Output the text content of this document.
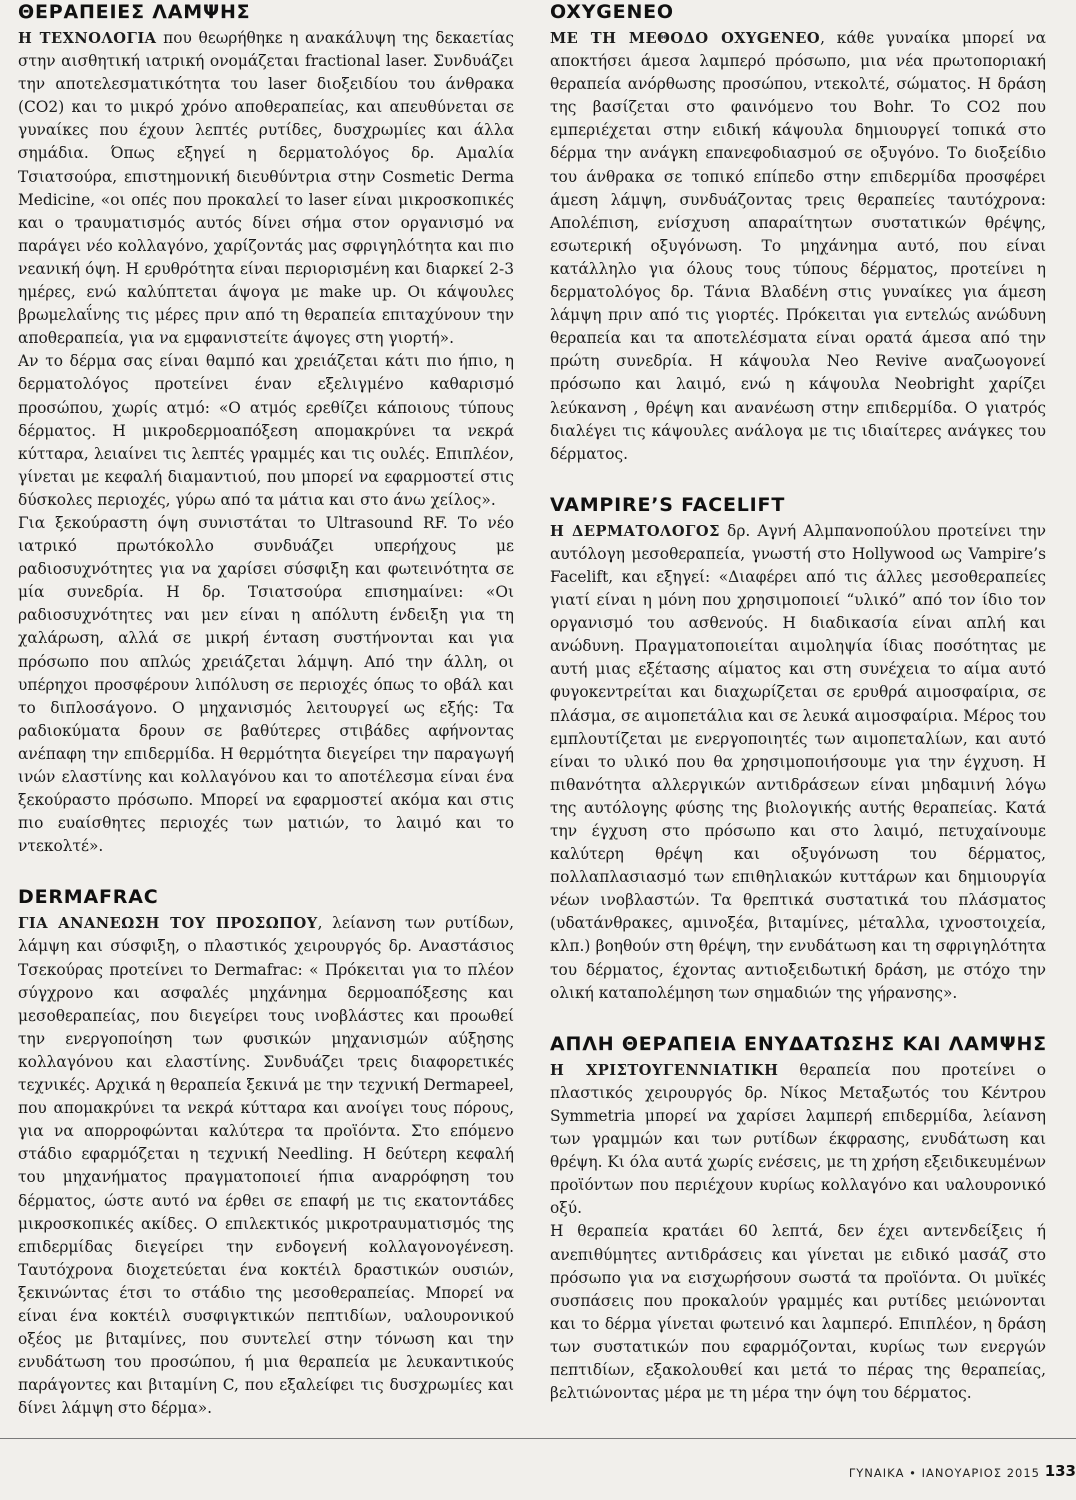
ΘΕΡΑΠΕΙΕΣ ΛΑΜΨΗΣ

Η ΤΕΧΝΟΛΟΓΙΑ που θεωρήθηκε η ανακάλυψη της δεκαετίας στην αισθητική ιατρική ονομάζεται fractional laser. Συνδυάζει την αποτελεσματικότητα του laser διοξειδίου του άνθρακα (CO2) και το μικρό χρόνο αποθεραπείας, και απευθύνεται σε γυναίκες που έχουν λεπτές ρυτίδες, δυσχρωμίες και άλλα σημάδια. Όπως εξηγεί η δερματολόγος δρ. Αμαλία Τσιατσούρα, επιστημονική διευθύντρια στην Cosmetic Derma Medicine, «οι οπές που προκαλεί το laser είναι μικροσκοπικές και ο τραυματισμός αυτός δίνει σήμα στον οργανισμό να παράγει νέο κολλαγόνο, χαρίζοντάς μας σφριγηλότητα και πιο νεανική όψη. Η ερυθρότητα είναι περιορισμένη και διαρκεί 2-3 ημέρες, ενώ καλύπτεται άψογα με make up. Οι κάψουλες βρωμελαΐνης τις μέρες πριν από τη θεραπεία επιταχύνουν την αποθεραπεία, για να εμφανιστείτε άψογες στη γιορτή».

Αν το δέρμα σας είναι θαμπό και χρειάζεται κάτι πιο ήπιο, η δερματολόγος προτείνει έναν εξελιγμένο καθαρισμό προσώπου, χωρίς ατμό: «Ο ατμός ερεθίζει κάποιους τύπους δέρματος. Η μικροδερμοαπόξεση απομακρύνει τα νεκρά κύτταρα, λειαίνει τις λεπτές γραμμές και τις ουλές. Επιπλέον, γίνεται με κεφαλή διαμαντιού, που μπορεί να εφαρμοστεί στις δύσκολες περιοχές, γύρω από τα μάτια και στο άνω χείλος».

Για ξεκούραστη όψη συνιστάται το Ultrasound RF. Το νέο ιατρικό πρωτόκολλο συνδυάζει υπερήχους με ραδιοσυχνότητες για να χαρίσει σύσφιξη και φωτεινότητα σε μία συνεδρία. Η δρ. Τσιατσούρα επισημαίνει: «Οι ραδιοσυχνότητες ναι μεν είναι η απόλυτη ένδειξη για τη χαλάρωση, αλλά σε μικρή ένταση συστήνονται και για πρόσωπο που απλώς χρειάζεται λάμψη. Από την άλλη, οι υπέρηχοι προσφέρουν λιπόλυση σε περιοχές όπως το οβάλ και το διπλοσάγονο. Ο μηχανισμός λειτουργεί ως εξής: Τα ραδιοκύματα δρουν σε βαθύτερες στιβάδες αφήνοντας ανέπαφη την επιδερμίδα. Η θερμότητα διεγείρει την παραγωγή ινών ελαστίνης και κολλαγόνου και το αποτέλεσμα είναι ένα ξεκούραστο πρόσωπο. Μπορεί να εφαρμοστεί ακόμα και στις πιο ευαίσθητες περιοχές των ματιών, το λαιμό και το ντεκολτέ».

DERMAFRAC

ΓΙΑ ΑΝΑΝΕΩΣΗ ΤΟΥ ΠΡΟΣΩΠΟΥ, λείανση των ρυτίδων, λάμψη και σύσφιξη, ο πλαστικός χειρουργός δρ. Αναστάσιος Τσεκούρας προτείνει το Dermafrac: « Πρόκειται για το πλέον σύγχρονο και ασφαλές μηχάνημα δερμοαπόξεσης και μεσοθεραπείας, που διεγείρει τους ινοβλάστες και προωθεί την ενεργοποίηση των φυσικών μηχανισμών αύξησης κολλαγόνου και ελαστίνης. Συνδυάζει τρεις διαφορετικές τεχνικές. Αρχικά η θεραπεία ξεκινά με την τεχνική Dermapeel, που απομακρύνει τα νεκρά κύτταρα και ανοίγει τους πόρους, για να απορροφώνται καλύτερα τα προϊόντα. Στο επόμενο στάδιο εφαρμόζεται η τεχνική Needling. Η δεύτερη κεφαλή του μηχανήματος πραγματοποιεί ήπια αναρρόφηση του δέρματος, ώστε αυτό να έρθει σε επαφή με τις εκατοντάδες μικροσκοπικές ακίδες. Ο επιλεκτικός μικροτραυματισμός της επιδερμίδας διεγείρει την ενδογενή κολλαγονογένεση. Ταυτόχρονα διοχετεύεται ένα κοκτέιλ δραστικών ουσιών, ξεκινώντας έτσι το στάδιο της μεσοθεραπείας. Μπορεί να είναι ένα κοκτέιλ συσφιγκτικών πεπτιδίων, υαλουρονικού οξέος με βιταμίνες, που συντελεί στην τόνωση και την ενυδάτωση του προσώπου, ή μια θεραπεία με λευκαντικούς παράγοντες και βιταμίνη C, που εξαλείφει τις δυσχρωμίες και δίνει λάμψη στο δέρμα».

OXYGENEO

ΜΕ ΤΗ ΜΕΘΟΔΟ OXYGENEO, κάθε γυναίκα μπορεί να αποκτήσει άμεσα λαμπερό πρόσωπο, μια νέα πρωτοποριακή θεραπεία ανόρθωσης προσώπου, ντεκολτέ, σώματος. Η δράση της βασίζεται στο φαινόμενο του Bohr. Το CO2 που εμπεριέχεται στην ειδική κάψουλα δημιουργεί τοπικά στο δέρμα την ανάγκη επανεφοδιασμού σε οξυγόνο. Το διοξείδιο του άνθρακα σε τοπικό επίπεδο στην επιδερμίδα προσφέρει άμεση λάμψη, συνδυάζοντας τρεις θεραπείες ταυτόχρονα: Απολέπιση, ενίσχυση απαραίτητων συστατικών θρέψης, εσωτερική οξυγόνωση. Το μηχάνημα αυτό, που είναι κατάλληλο για όλους τους τύπους δέρματος, προτείνει η δερματολόγος δρ. Τάνια Βλαδένη στις γυναίκες για άμεση λάμψη πριν από τις γιορτές. Πρόκειται για εντελώς ανώδυνη θεραπεία και τα αποτελέσματα είναι ορατά άμεσα από την πρώτη συνεδρία. Η κάψουλα Neo Revive αναζωογονεί πρόσωπο και λαιμό, ενώ η κάψουλα Neobright χαρίζει λεύκανση , θρέψη και ανανέωση στην επιδερμίδα. Ο γιατρός διαλέγει τις κάψουλες ανάλογα με τις ιδιαίτερες ανάγκες του δέρματος.

VAMPIRE’S FACELIFT

Η ΔΕΡΜΑΤΟΛΟΓΟΣ δρ. Αγνή Αλμπανοπούλου προτείνει την αυτόλογη μεσοθεραπεία, γνωστή στο Hollywood ως Vampire’s Facelift, και εξηγεί: «Διαφέρει από τις άλλες μεσοθεραπείες γιατί είναι η μόνη που χρησιμοποιεί “υλικό” από τον ίδιο τον οργανισμό του ασθενούς. Η διαδικασία είναι απλή και ανώδυνη. Πραγματοποιείται αιμοληψία ίδιας ποσότητας με αυτή μιας εξέτασης αίματος και στη συνέχεια το αίμα αυτό φυγοκεντρείται και διαχωρίζεται σε ερυθρά αιμοσφαίρια, σε πλάσμα, σε αιμοπετάλια και σε λευκά αιμοσφαίρια. Μέρος του εμπλουτίζεται με ενεργοποιητές των αιμοπεταλίων, και αυτό είναι το υλικό που θα χρησιμοποιήσουμε για την έγχυση. Η πιθανότητα αλλεργικών αντιδράσεων είναι μηδαμινή λόγω της αυτόλογης φύσης της βιολογικής αυτής θεραπείας. Κατά την έγχυση στο πρόσωπο και στο λαιμό, πετυχαίνουμε καλύτερη θρέψη και οξυγόνωση του δέρματος, πολλαπλασιασμό των επιθηλιακών κυττάρων και δημιουργία νέων ινοβλαστών. Τα θρεπτικά συστατικά του πλάσματος (υδατάνθρακες, αμινοξέα, βιταμίνες, μέταλλα, ιχνοστοιχεία, κλπ.) βοηθούν στη θρέψη, την ενυδάτωση και τη σφριγηλότητα του δέρματος, έχοντας αντιοξειδωτική δράση, με στόχο την ολική καταπολέμηση των σημαδιών της γήρανσης».

ΑΠΛΗ ΘΕΡΑΠΕΙΑ ΕΝΥΔΑΤΩΣΗΣ ΚΑΙ ΛΑΜΨΗΣ

Η ΧΡΙΣΤΟΥΓΕΝΝΙΑΤΙΚΗ θεραπεία που προτείνει ο πλαστικός χειρουργός δρ. Νίκος Μεταξωτός του Κέντρου Symmetria μπορεί να χαρίσει λαμπερή επιδερμίδα, λείανση των γραμμών και των ρυτίδων έκφρασης, ενυδάτωση και θρέψη. Κι όλα αυτά χωρίς ενέσεις, με τη χρήση εξειδικευμένων προϊόντων που περιέχουν κυρίως κολλαγόνο και υαλουρονικό οξύ.

Η θεραπεία κρατάει 60 λεπτά, δεν έχει αντενδείξεις ή ανεπιθύμητες αντιδράσεις και γίνεται με ειδικό μασάζ στο πρόσωπο για να εισχωρήσουν σωστά τα προϊόντα. Οι μυϊκές συσπάσεις που προκαλούν γραμμές και ρυτίδες μειώνονται και το δέρμα γίνεται φωτεινό και λαμπερό. Επιπλέον, η δράση των συστατικών που εφαρμόζονται, κυρίως των ενεργών πεπτιδίων, εξακολουθεί και μετά το πέρας της θεραπείας, βελτιώνοντας μέρα με τη μέρα την όψη του δέρματος.

ΓΥΝΑΙΚΑ • ΙΑΝΟΥΑΡΙΟΣ 2015 133
